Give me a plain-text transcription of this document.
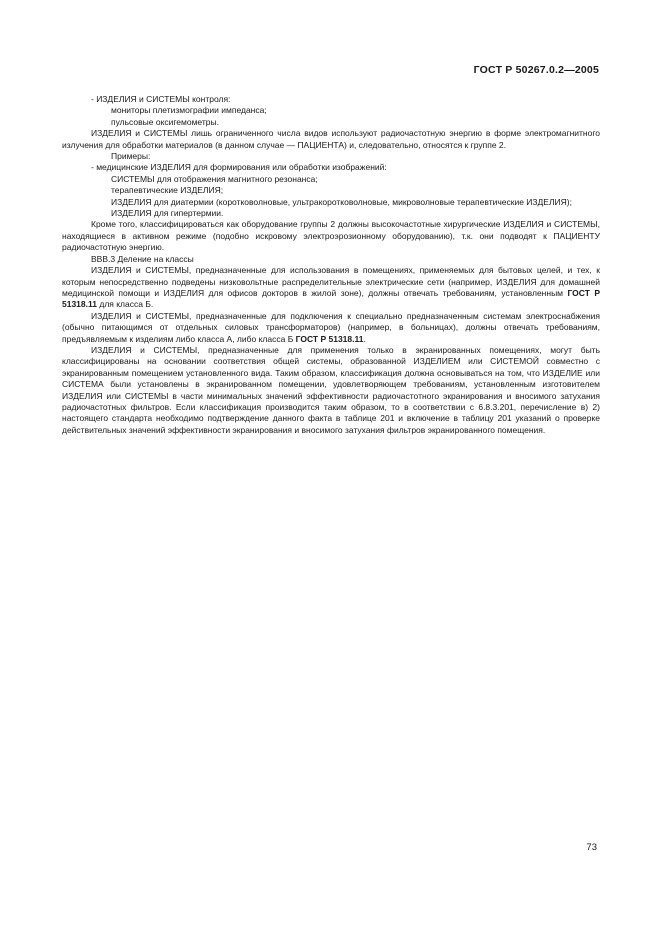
ГОСТ Р 50267.0.2—2005

- ИЗДЕЛИЯ и СИСТЕМЫ контроля:

мониторы плетизмографии импеданса;

пульсовые оксигемометры.

ИЗДЕЛИЯ и СИСТЕМЫ лишь ограниченного числа видов используют радиочастотную энергию в форме электромагнитного излучения для обработки материалов (в данном случае — ПАЦИЕНТА) и, следовательно, относятся к группе 2.

Примеры:

- медицинские ИЗДЕЛИЯ для формирования или обработки изображений:

СИСТЕМЫ для отображения магнитного резонанса;

терапевтические ИЗДЕЛИЯ;

ИЗДЕЛИЯ для диатермии (коротковолновые, ультракоротковолновые, микроволновые терапевтические ИЗДЕЛИЯ);

ИЗДЕЛИЯ для гипертермии.

Кроме того, классифицироваться как оборудование группы 2 должны высокочастотные хирургические ИЗДЕЛИЯ и СИСТЕМЫ, находящиеся в активном режиме (подобно искровому электроэрозионному оборудованию), т.к. они подводят к ПАЦИЕНТУ радиочастотную энергию.

ВВВ.3 Деление на классы

ИЗДЕЛИЯ и СИСТЕМЫ, предназначенные для использования в помещениях, применяемых для бытовых целей, и тех, к которым непосредственно подведены низковольтные распределительные электрические сети (например, ИЗДЕЛИЯ для домашней медицинской помощи и ИЗДЕЛИЯ для офисов докторов в жилой зоне), должны отвечать требованиям, установленным ГОСТ Р 51318.11 для класса Б.

ИЗДЕЛИЯ и СИСТЕМЫ, предназначенные для подключения к специально предназначенным системам электроснабжения (обычно питающимся от отдельных силовых трансформаторов) (например, в больницах), должны отвечать требованиям, предъявляемым к изделиям либо класса А, либо класса Б ГОСТ Р 51318.11.

ИЗДЕЛИЯ и СИСТЕМЫ, предназначенные для применения только в экранированных помещениях, могут быть классифицированы на основании соответствия общей системы, образованной ИЗДЕЛИЕМ или СИСТЕМОЙ совместно с экранированным помещением установленного вида. Таким образом, классификация должна основываться на том, что ИЗДЕЛИЕ или СИСТЕМА были установлены в экранированном помещении, удовлетворяющем требованиям, установленным изготовителем ИЗДЕЛИЯ или СИСТЕМЫ в части минимальных значений эффективности радиочастотного экранирования и вносимого затухания радиочастотных фильтров. Если классификация производится таким образом, то в соответствии с 6.8.3.201, перечисление в) 2) настоящего стандарта необходимо подтверждение данного факта в таблице 201 и включение в таблицу 201 указаний о проверке действительных значений эффективности экранирования и вносимого затухания фильтров экранированного помещения.

73
